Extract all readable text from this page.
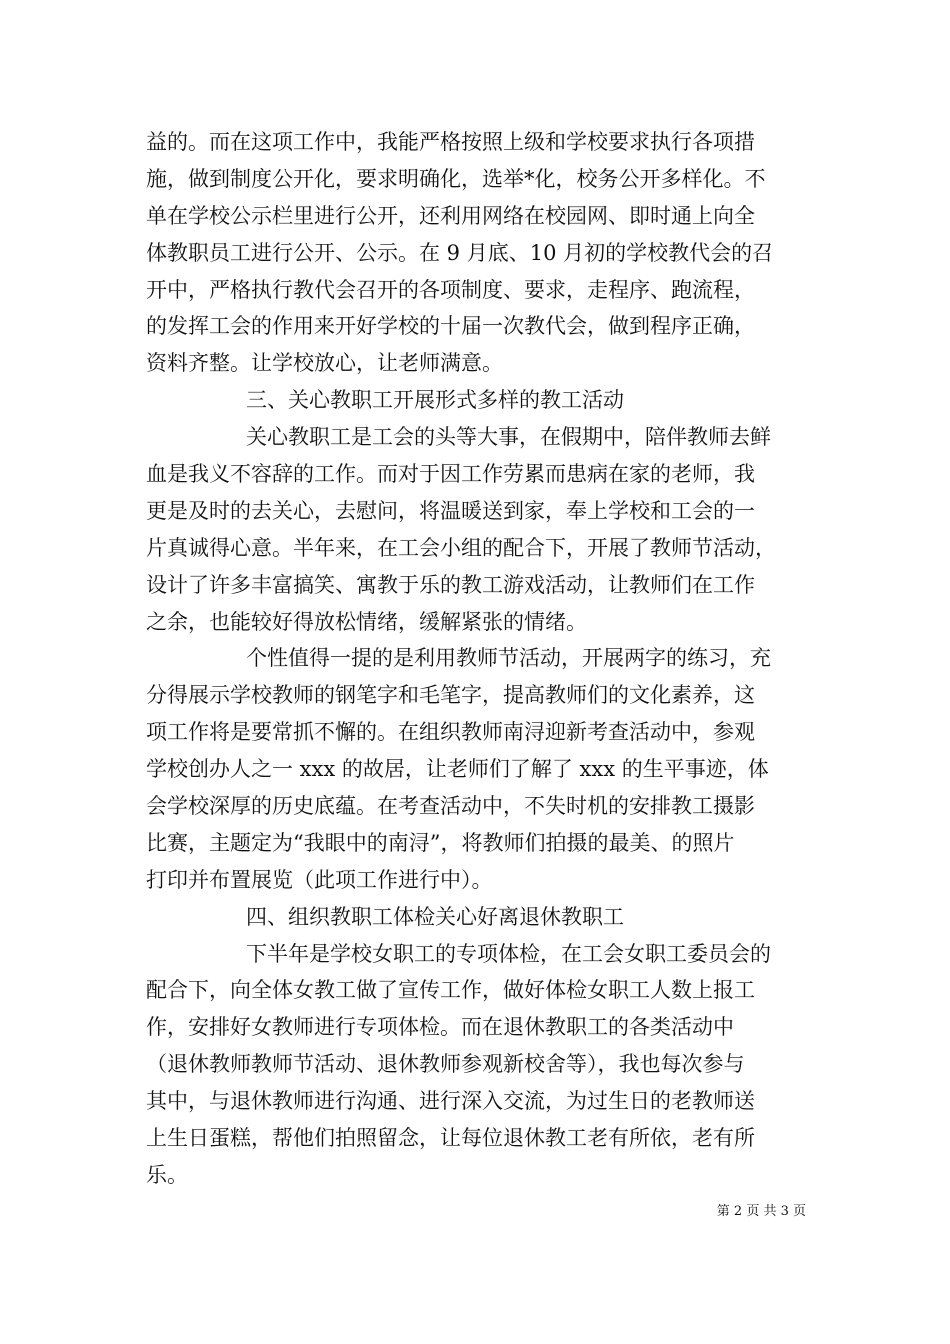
益的。而在这项工作中，我能严格按照上级和学校要求执行各项措
施，做到制度公开化，要求明确化，选举*化，校务公开多样化。不
单在学校公示栏里进行公开，还利用网络在校园网、即时通上向全
体教职员工进行公开、公示。在 9 月底、10 月初的学校教代会的召
开中，严格执行教代会召开的各项制度、要求，走程序、跑流程，
的发挥工会的作用来开好学校的十届一次教代会，做到程序正确，
资料齐整。让学校放心，让老师满意。
三、关心教职工开展形式多样的教工活动
关心教职工是工会的头等大事，在假期中，陪伴教师去鲜
血是我义不容辞的工作。而对于因工作劳累而患病在家的老师，我
更是及时的去关心，去慰问，将温暖送到家，奉上学校和工会的一
片真诚得心意。半年来，在工会小组的配合下，开展了教师节活动，
设计了许多丰富搞笑、寓教于乐的教工游戏活动，让教师们在工作
之余，也能较好得放松情绪，缓解紧张的情绪。
个性值得一提的是利用教师节活动，开展两字的练习，充
分得展示学校教师的钢笔字和毛笔字，提高教师们的文化素养，这
项工作将是要常抓不懈的。在组织教师南浔迎新考查活动中，参观
学校创办人之一 xxx 的故居，让老师们了解了 xxx 的生平事迹，体
会学校深厚的历史底蕴。在考查活动中，不失时机的安排教工摄影
比赛，主题定为“我眼中的南浔”，将教师们拍摄的最美、的照片
打印并布置展览（此项工作进行中）。
四、组织教职工体检关心好离退休教职工
下半年是学校女职工的专项体检，在工会女职工委员会的
配合下，向全体女教工做了宣传工作，做好体检女职工人数上报工
作，安排好女教师进行专项体检。而在退休教职工的各类活动中
（退休教师教师节活动、退休教师参观新校舍等），我也每次参与
其中，与退休教师进行沟通、进行深入交流，为过生日的老教师送
上生日蛋糕，帮他们拍照留念，让每位退休教工老有所依，老有所
乐。
第 2 页 共 3 页
